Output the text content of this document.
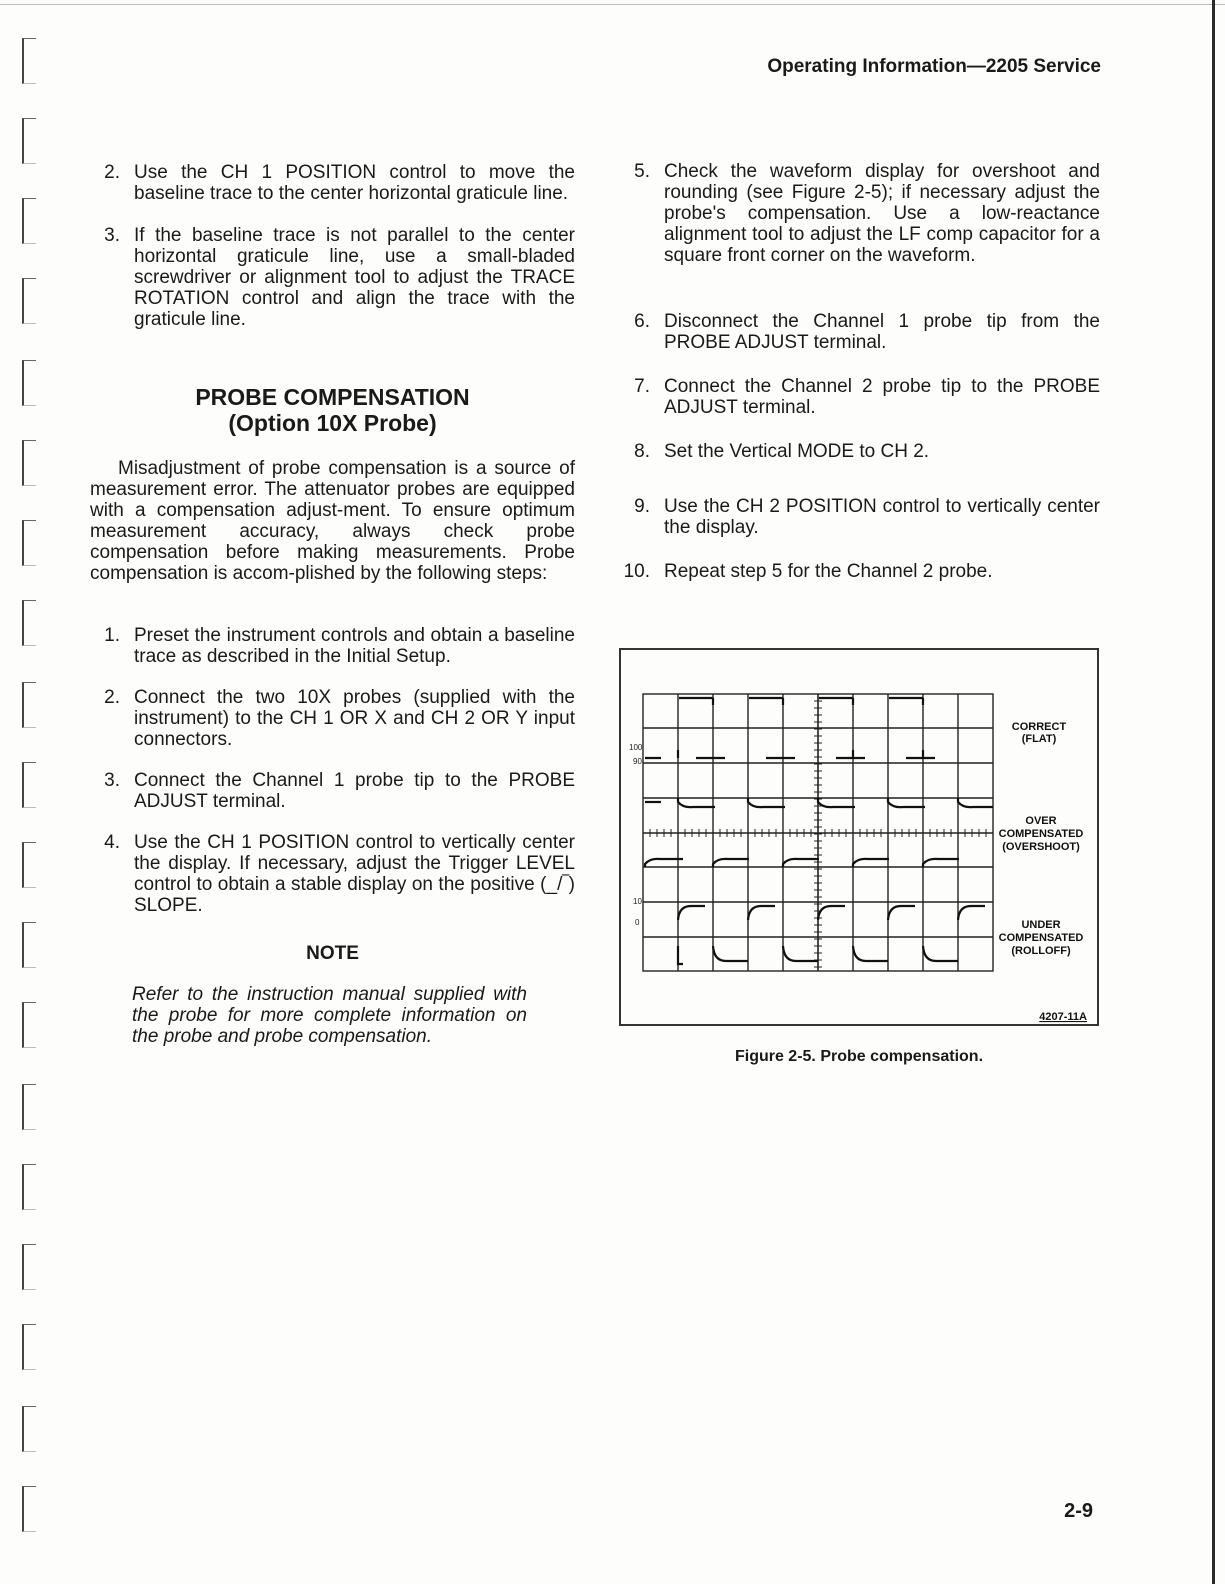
Operating Information—2205 Service
2. Use the CH 1 POSITION control to move the baseline trace to the center horizontal graticule line.
3. If the baseline trace is not parallel to the center horizontal graticule line, use a small-bladed screwdriver or alignment tool to adjust the TRACE ROTATION control and align the trace with the graticule line.
PROBE COMPENSATION
(Option 10X Probe)
Misadjustment of probe compensation is a source of measurement error. The attenuator probes are equipped with a compensation adjust-ment. To ensure optimum measurement accuracy, always check probe compensation before making measurements. Probe compensation is accom-plished by the following steps:
1. Preset the instrument controls and obtain a baseline trace as described in the Initial Setup.
2. Connect the two 10X probes (supplied with the instrument) to the CH 1 OR X and CH 2 OR Y input connectors.
3. Connect the Channel 1 probe tip to the PROBE ADJUST terminal.
4. Use the CH 1 POSITION control to vertically center the display. If necessary, adjust the Trigger LEVEL control to obtain a stable display on the positive (_/‾) SLOPE.
NOTE
Refer to the instruction manual supplied with the probe for more complete information on the probe and probe compensation.
5. Check the waveform display for overshoot and rounding (see Figure 2-5); if necessary adjust the probe's compensation. Use a low-reactance alignment tool to adjust the LF comp capacitor for a square front corner on the waveform.
6. Disconnect the Channel 1 probe tip from the PROBE ADJUST terminal.
7. Connect the Channel 2 probe tip to the PROBE ADJUST terminal.
8. Set the Vertical MODE to CH 2.
9. Use the CH 2 POSITION control to vertically center the display.
10. Repeat step 5 for the Channel 2 probe.
100
90
10
0
CORRECT
(FLAT)
OVER
COMPENSATED
(OVERSHOOT)
UNDER
COMPENSATED
(ROLLOFF)
4207-11A
Figure 2-5. Probe compensation.
2-9
